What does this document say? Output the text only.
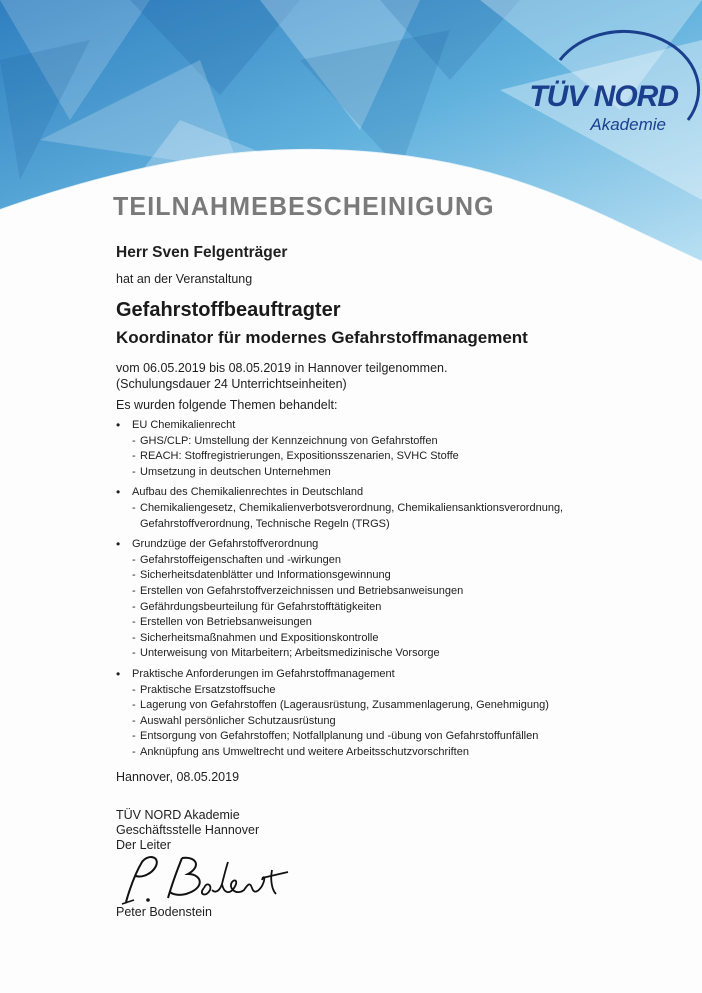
TÜV NORD
Akademie
TEILNAHMEBESCHEINIGUNG

Herr Sven Felgenträger

hat an der Veranstaltung

Gefahrstoffbeauftragter

Koordinator für modernes Gefahrstoffmanagement

vom 06.05.2019 bis 08.05.2019 in Hannover teilgenommen.
(Schulungsdauer 24 Unterrichtseinheiten)

Es wurden folgende Themen behandelt:

• EU Chemikalienrecht
- GHS/CLP: Umstellung der Kennzeichnung von Gefahrstoffen
- REACH: Stoffregistrierungen, Expositionsszenarien, SVHC Stoffe
- Umsetzung in deutschen Unternehmen
• Aufbau des Chemikalienrechtes in Deutschland
- Chemikaliengesetz, Chemikalienverbotsverordnung, Chemikaliensanktionsverordnung, Gefahrstoffverordnung, Technische Regeln (TRGS)
• Grundzüge der Gefahrstoffverordnung
- Gefahrstoffeigenschaften und -wirkungen
- Sicherheitsdatenblätter und Informationsgewinnung
- Erstellen von Gefahrstoffverzeichnissen und Betriebsanweisungen
- Gefährdungsbeurteilung für Gefahrstofftätigkeiten
- Erstellen von Betriebsanweisungen
- Sicherheitsmaßnahmen und Expositionskontrolle
- Unterweisung von Mitarbeitern; Arbeitsmedizinische Vorsorge
• Praktische Anforderungen im Gefahrstoffmanagement
- Praktische Ersatzstoffsuche
- Lagerung von Gefahrstoffen (Lagerausrüstung, Zusammenlagerung, Genehmigung)
- Auswahl persönlicher Schutzausrüstung
- Entsorgung von Gefahrstoffen; Notfallplanung und -übung von Gefahrstoffunfällen
- Anknüpfung ans Umweltrecht und weitere Arbeitsschutzvorschriften

Hannover, 08.05.2019

TÜV NORD Akademie
Geschäftsstelle Hannover
Der Leiter

Peter Bodenstein
